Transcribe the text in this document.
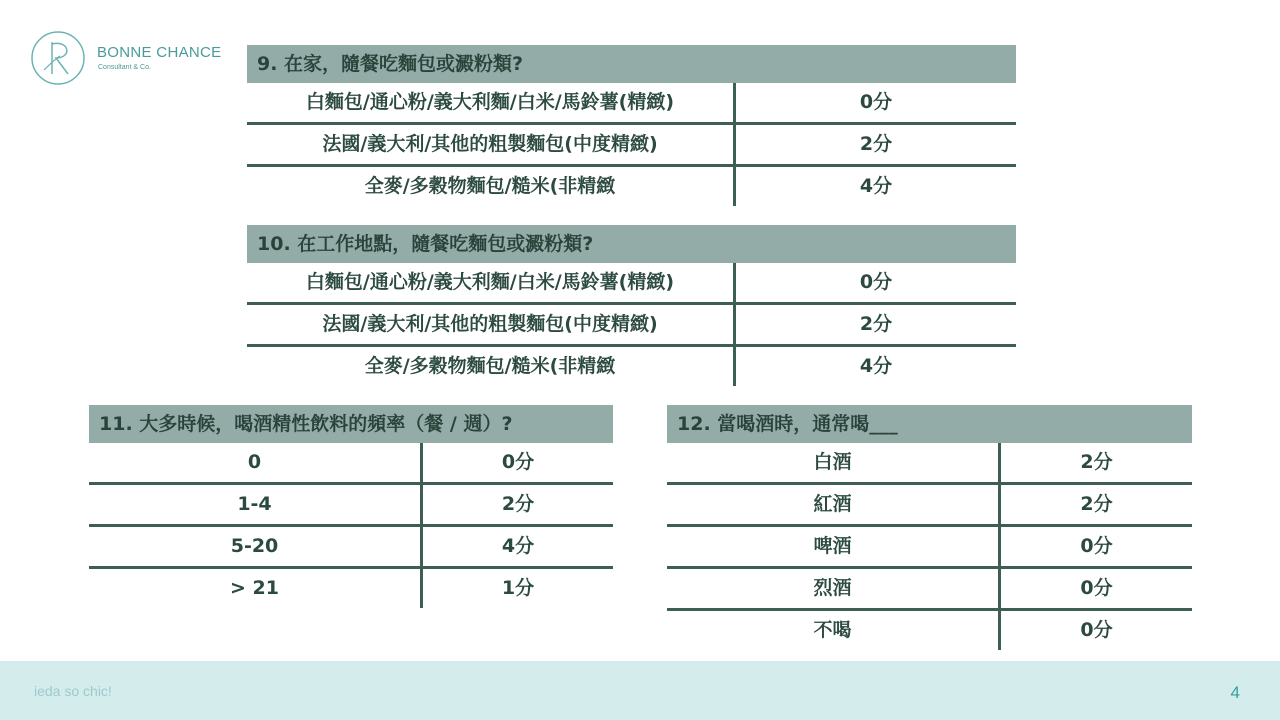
BONNE CHANCE
Consultant & Co.	9. 在家，隨餐吃麵包或澱粉類?
白麵包/通心粉/義大利麵/白米/馬鈴薯(精緻)	0分
法國/義大利/其他的粗製麵包(中度精緻)	2分
全麥/多穀物麵包/糙米(非精緻	4分
10. 在工作地點，隨餐吃麵包或澱粉類?
白麵包/通心粉/義大利麵/白米/馬鈴薯(精緻)	0分
法國/義大利/其他的粗製麵包(中度精緻)	2分
全麥/多穀物麵包/糙米(非精緻	4分
11. 大多時候，喝酒精性飲料的頻率（餐 / 週）?
0	0分
1-4	2分
5-20	4分
> 21	1分
12. 當喝酒時，通常喝___
白酒	2分
紅酒	2分
啤酒	0分
烈酒	0分
不喝	0分
ieda so chic!	4
